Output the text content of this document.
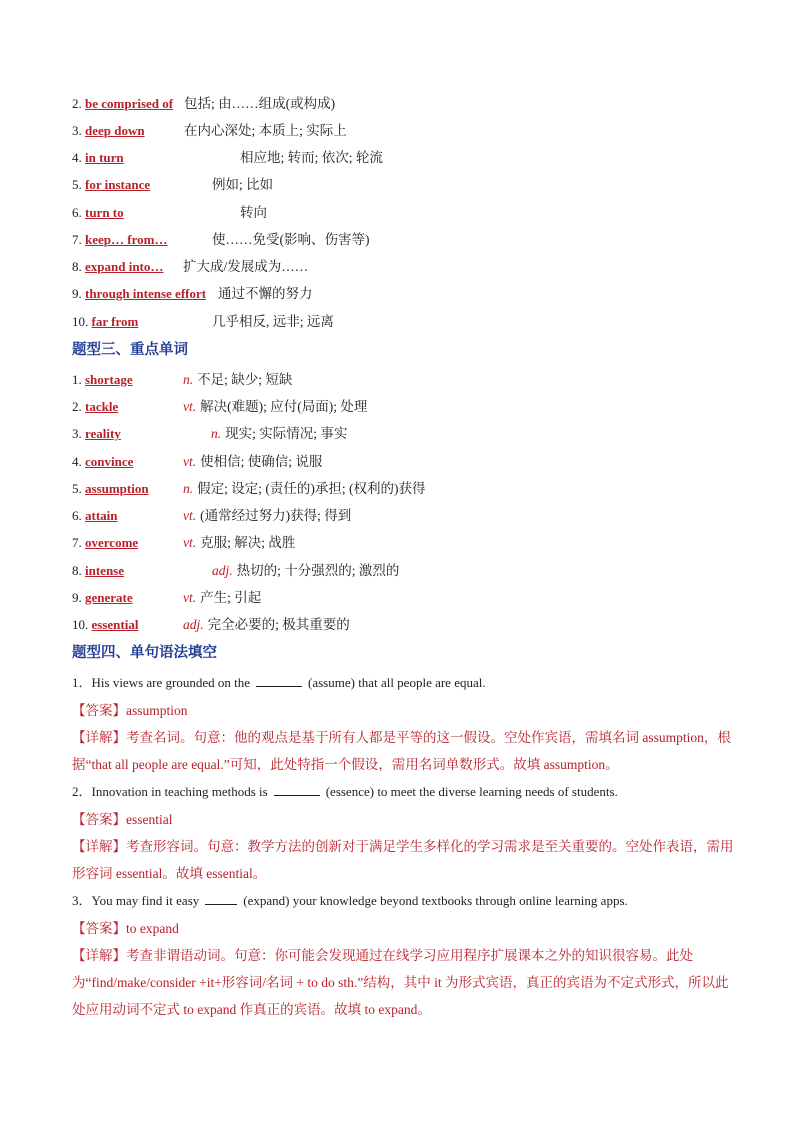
2. be comprised of 包括; 由……组成(或构成)
3. deep down	在内心深处; 本质上; 实际上
4. in turn	相应地; 转而; 依次; 轮流
5. for instance	例如; 比如
6. turn to	转向
7. keep… from…	使……免受(影响、伤害等)
8. expand into… 扩大成/发展成为……
9. through intense effort 通过不懈的努力
10. far from	几乎相反, 远非; 远离
题型三、重点单词
1. shortage	n. 不足; 缺少; 短缺
2. tackle	vt. 解决(难题); 应付(局面); 处理
3. reality	n. 现实; 实际情况; 事实
4. convince	vt. 使相信; 使确信; 说服
5. assumption	n. 假定; 设定; (责任的)承担; (权利的)获得
6. attain	vt. (通常经过努力)获得; 得到
7. overcome	vt. 克服; 解决; 战胜
8. intense	adj. 热切的; 十分强烈的; 激烈的
9. generate	vt. 产生; 引起
10. essential	adj. 完全必要的; 极其重要的
题型四、单句语法填空
1．His views are grounded on the	(assume) that all people are equal.
【答案】assumption
【详解】考查名词。句意：他的观点是基于所有人都是平等的这一假设。空处作宾语，需填名词 assumption，根据“that all people are equal.”可知，此处特指一个假设，需用名词单数形式。故填 assumption。
2．Innovation in teaching methods is	(essence) to meet the diverse learning needs of students.
【答案】essential
【详解】考查形容词。句意：教学方法的创新对于满足学生多样化的学习需求是至关重要的。空处作表语，需用形容词 essential。故填 essential。
3．You may find it easy	(expand) your knowledge beyond textbooks through online learning apps.
【答案】to expand
【详解】考查非谓语动词。句意：你可能会发现通过在线学习应用程序扩展课本之外的知识很容易。此处为“find/make/consider +it+形容词/名词 + to do sth.”结构，其中 it 为形式宾语，真正的宾语为不定式形式，所以此处应用动词不定式 to expand 作真正的宾语。故填 to expand。
